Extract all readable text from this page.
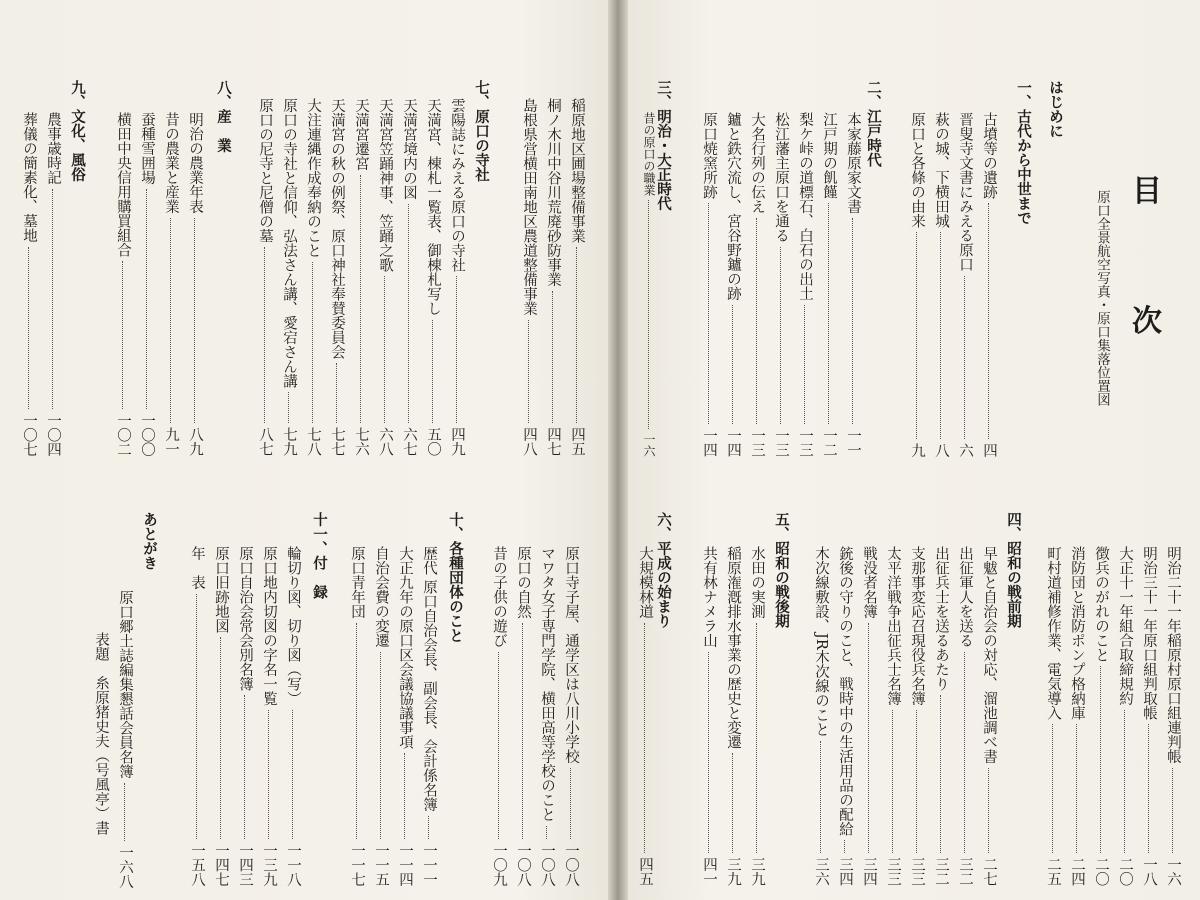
目
次
原口全景航空写真・原口集落位置図
はじめに
一、古代から中世まで
古墳等の遺跡
四
晋叟寺文書にみえる原口
六
萩の城、下横田城
八
原口と各條の由来
九
二、江戸時代
本家藤原家文書
一一
江戸期の飢饉
一二
梨ケ峠の道標石、白石の出土
一三
松江藩主原口を通る
一三
大名行列の伝え
一三
鑪と鉄穴流し、宮谷野鑪の跡
一四
原口焼窯所跡
一四
三、明治・大正時代
昔の原口の職業
一六
稲原地区圃場整備事業
四五
桐ノ木川中谷川荒廃砂防事業
四七
島根県営横田南地区農道整備事業
四八
七、原口の寺社
雲陽誌にみえる原口の寺社
四九
天満宮、棟札一覧表、御棟札写し
五〇
天満宮境内の図
六七
天満宮笠踊神事、笠踊之歌
六八
天満宮遷宮
七六
天満宮の秋の例祭、原口神社奉賛委員会
七七
大注連縄作成奉納のこと
七八
原口の寺社と信仰、弘法さん講、愛宕さん講
七九
原口の尼寺と尼僧の墓
八七
八、産　業
明治の農業年表
八九
昔の農業と産業
九一
蚕種雪囲場
一〇〇
横田中央信用購買組合
一〇二
九、文化、風俗
農事歳時記
一〇四
葬儀の簡素化、墓地
一〇七
明治二十一年稲原村原口組連判帳
一六
明治三十一年原口組判取帳
一八
大正十一年組合取締規約
二〇
徴兵のがれのこと
二〇
消防団と消防ポンプ格納庫
二四
町村道補修作業、電気導入
二五
四、昭和の戦前期
早魃と自治会の対応、溜池調べ書
二七
出征軍人を送る
三二
出征兵士を送るあたり
三二
支那事変応召現役兵名簿
三三
太平洋戦争出征兵士名簿
三三
戦没者名簿
三四
銃後の守りのこと、戦時中の生活用品の配給
三四
木次線敷設、JR木次線のこと
三六
五、昭和の戦後期
水田の実測
三九
稲原潅漑排水事業の歴史と変遷
三九
共有林ナメラ山
四一
六、平成の始まり
大規模林道
四五
原口寺子屋、通学区は八川小学校
一〇八
マワタ女子専門学院、横田高等学校のこと
一〇八
原口の自然
一〇八
昔の子供の遊び
一〇九
十、各種団体のこと
歴代 原口自治会長、副会長、会計係名簿
一一一
大正九年の原口区会議協議事項
一一四
自治会費の変遷
一一五
原口青年団
一一七
十一、付　録
輪切り図、切り図（写）
一一八
原口地内切図の字名一覧
一三九
原口自治会常会別名簿
一四三
原口旧跡地図
一四七
年　表
一五八
あとがき
原口郷土誌編集懇話会員名簿
一六八
表題　糸原猪史夫（号風亭）書
